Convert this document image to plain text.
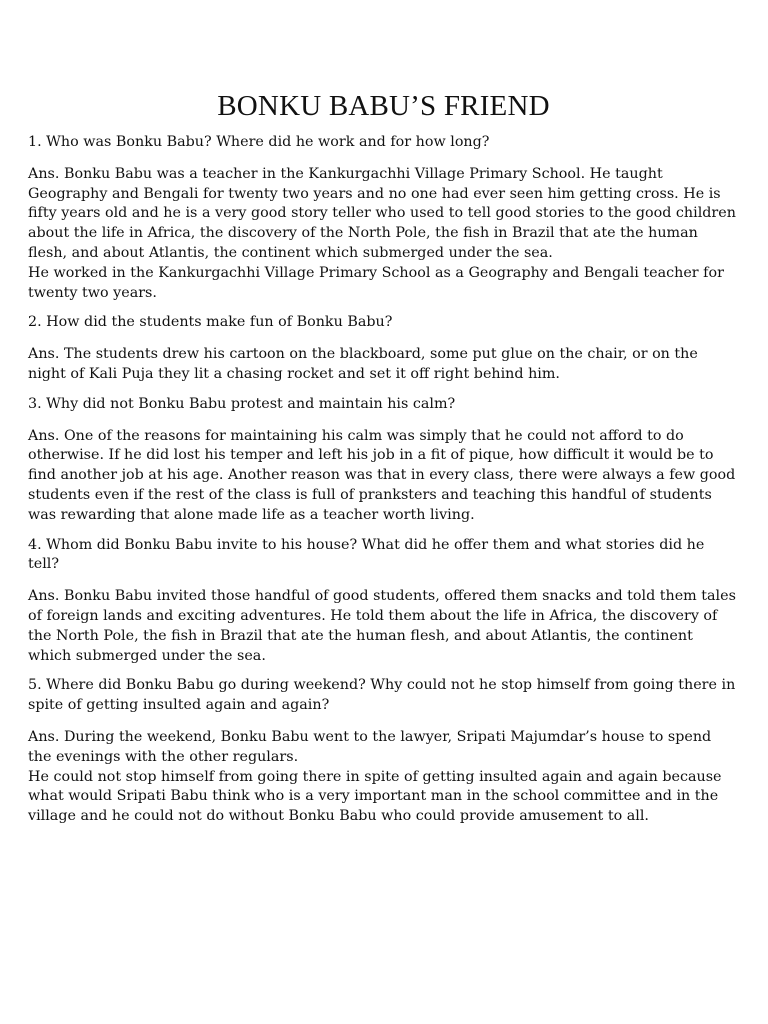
BONKU BABU’S FRIEND

1. Who was Bonku Babu? Where did he work and for how long?

Ans. Bonku Babu was a teacher in the Kankurgachhi Village Primary School. He taught Geography and Bengali for twenty two years and no one had ever seen him getting cross. He is fifty years old and he is a very good story teller who used to tell good stories to the good children about the life in Africa, the discovery of the North Pole, the fish in Brazil that ate the human flesh, and about Atlantis, the continent which submerged under the sea.
He worked in the Kankurgachhi Village Primary School as a Geography and Bengali teacher for twenty two years.

2. How did the students make fun of Bonku Babu?

Ans. The students drew his cartoon on the blackboard, some put glue on the chair, or on the night of Kali Puja they lit a chasing rocket and set it off right behind him.

3. Why did not Bonku Babu protest and maintain his calm?

Ans. One of the reasons for maintaining his calm was simply that he could not afford to do otherwise. If he did lost his temper and left his job in a fit of pique, how difficult it would be to find another job at his age. Another reason was that in every class, there were always a few good students even if the rest of the class is full of pranksters and teaching this handful of students was rewarding that alone made life as a teacher worth living.

4. Whom did Bonku Babu invite to his house? What did he offer them and what stories did he tell?

Ans. Bonku Babu invited those handful of good students, offered them snacks and told them tales of foreign lands and exciting adventures. He told them about the life in Africa, the discovery of the North Pole, the fish in Brazil that ate the human flesh, and about Atlantis, the continent which submerged under the sea.

5. Where did Bonku Babu go during weekend? Why could not he stop himself from going there in spite of getting insulted again and again?

Ans. During the weekend, Bonku Babu went to the lawyer, Sripati Majumdar’s house to spend the evenings with the other regulars.
He could not stop himself from going there in spite of getting insulted again and again because what would Sripati Babu think who is a very important man in the school committee and in the village and he could not do without Bonku Babu who could provide amusement to all.
